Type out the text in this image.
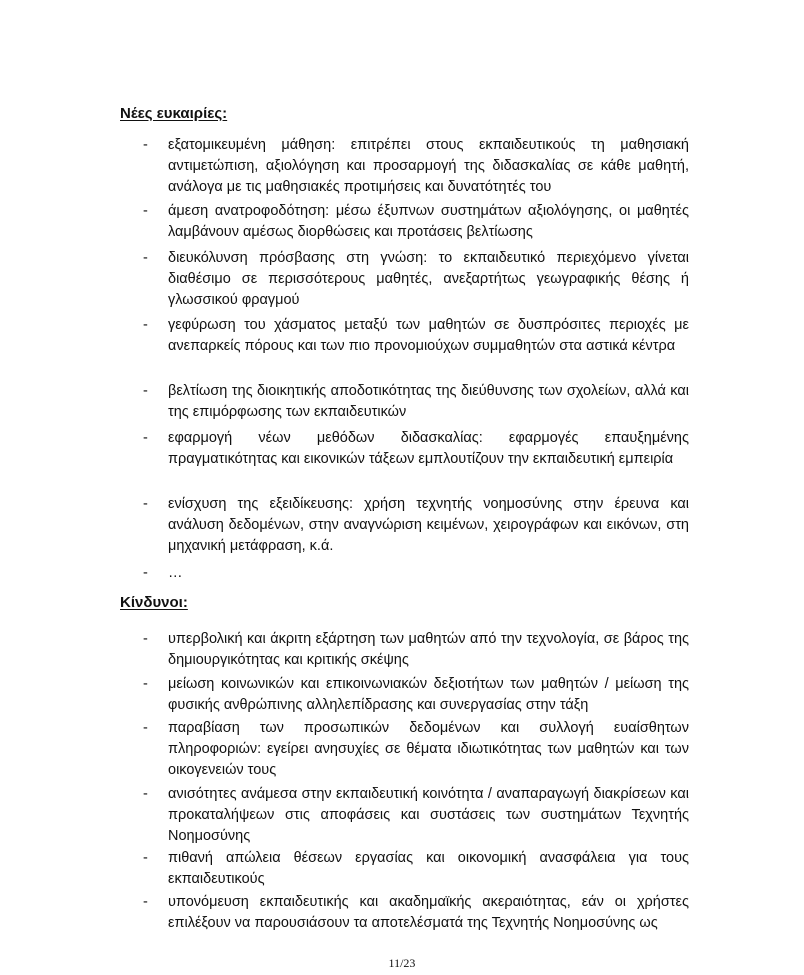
Νέες ευκαιρίες:
- εξατομικευμένη μάθηση: επιτρέπει στους εκπαιδευτικούς τη μαθησιακή αντιμετώπιση, αξιολόγηση και προσαρμογή της διδασκαλίας σε κάθε μαθητή, ανάλογα με τις μαθησιακές προτιμήσεις και δυνατότητές του
- άμεση ανατροφοδότηση: μέσω έξυπνων συστημάτων αξιολόγησης, οι μαθητές λαμβάνουν αμέσως διορθώσεις και προτάσεις βελτίωσης
- διευκόλυνση πρόσβασης στη γνώση: το εκπαιδευτικό περιεχόμενο γίνεται διαθέσιμο σε περισσότερους μαθητές, ανεξαρτήτως γεωγραφικής θέσης ή γλωσσικού φραγμού
- γεφύρωση του χάσματος μεταξύ των μαθητών σε δυσπρόσιτες περιοχές με ανεπαρκείς πόρους και των πιο προνομιούχων συμμαθητών στα αστικά κέντρα
- βελτίωση της διοικητικής αποδοτικότητας της διεύθυνσης των σχολείων, αλλά και της επιμόρφωσης των εκπαιδευτικών
- εφαρμογή νέων μεθόδων διδασκαλίας: εφαρμογές επαυξημένης πραγματικότητας και εικονικών τάξεων εμπλουτίζουν την εκπαιδευτική εμπειρία
- ενίσχυση της εξειδίκευσης: χρήση τεχνητής νοημοσύνης στην έρευνα και ανάλυση δεδομένων, στην αναγνώριση κειμένων, χειρογράφων και εικόνων, στη μηχανική μετάφραση, κ.ά.
- …
Κίνδυνοι:
- υπερβολική και άκριτη εξάρτηση των μαθητών από την τεχνολογία, σε βάρος της δημιουργικότητας και κριτικής σκέψης
- μείωση κοινωνικών και επικοινωνιακών δεξιοτήτων των μαθητών / μείωση της φυσικής ανθρώπινης αλληλεπίδρασης και συνεργασίας στην τάξη
- παραβίαση των προσωπικών δεδομένων και συλλογή ευαίσθητων πληροφοριών: εγείρει ανησυχίες σε θέματα ιδιωτικότητας των μαθητών και των οικογενειών τους
- ανισότητες ανάμεσα στην εκπαιδευτική κοινότητα / αναπαραγωγή διακρίσεων και προκαταλήψεων στις αποφάσεις και συστάσεις των συστημάτων Τεχνητής Νοημοσύνης
- πιθανή απώλεια θέσεων εργασίας και οικονομική ανασφάλεια για τους εκπαιδευτικούς
- υπονόμευση εκπαιδευτικής και ακαδημαϊκής ακεραιότητας, εάν οι χρήστες επιλέξουν να παρουσιάσουν τα αποτελέσματά της Τεχνητής Νοημοσύνης ως
11/23
